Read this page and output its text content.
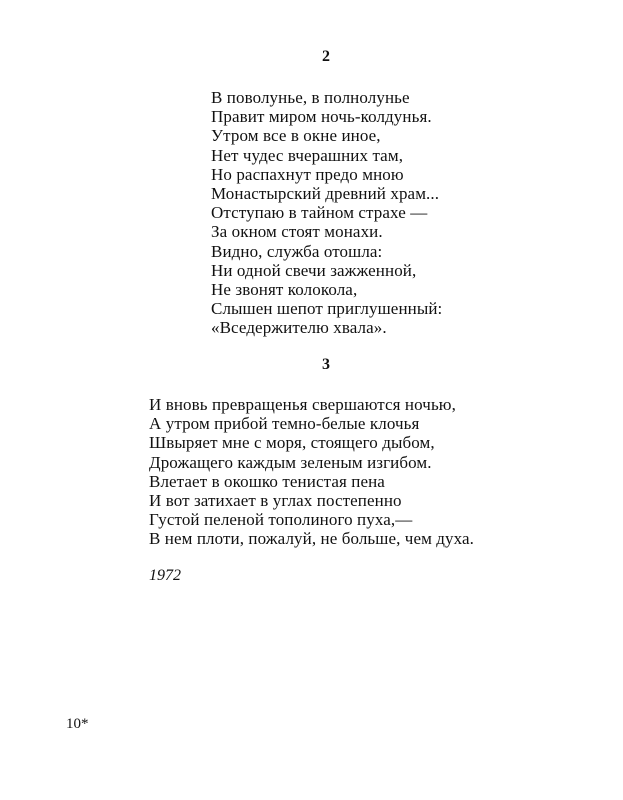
2
В поволунье, в полнолунье
Правит миром ночь-колдунья.
Утром все в окне иное,
Нет чудес вчерашних там,
Но распахнут предо мною
Монастырский древний храм...
Отступаю в тайном страхе —
За окном стоят монахи.
Видно, служба отошла:
Ни одной свечи зажженной,
Не звонят колокола,
Слышен шепот приглушенный:
«Вседержителю хвала».
3
И вновь превращенья свершаются ночью,
А утром прибой темно-белые клочья
Швыряет мне с моря, стоящего дыбом,
Дрожащего каждым зеленым изгибом.
Влетает в окошко тенистая пена
И вот затихает в углах постепенно
Густой пеленой тополиного пуха,—
В нем плоти, пожалуй, не больше, чем духа.
1972
10*
